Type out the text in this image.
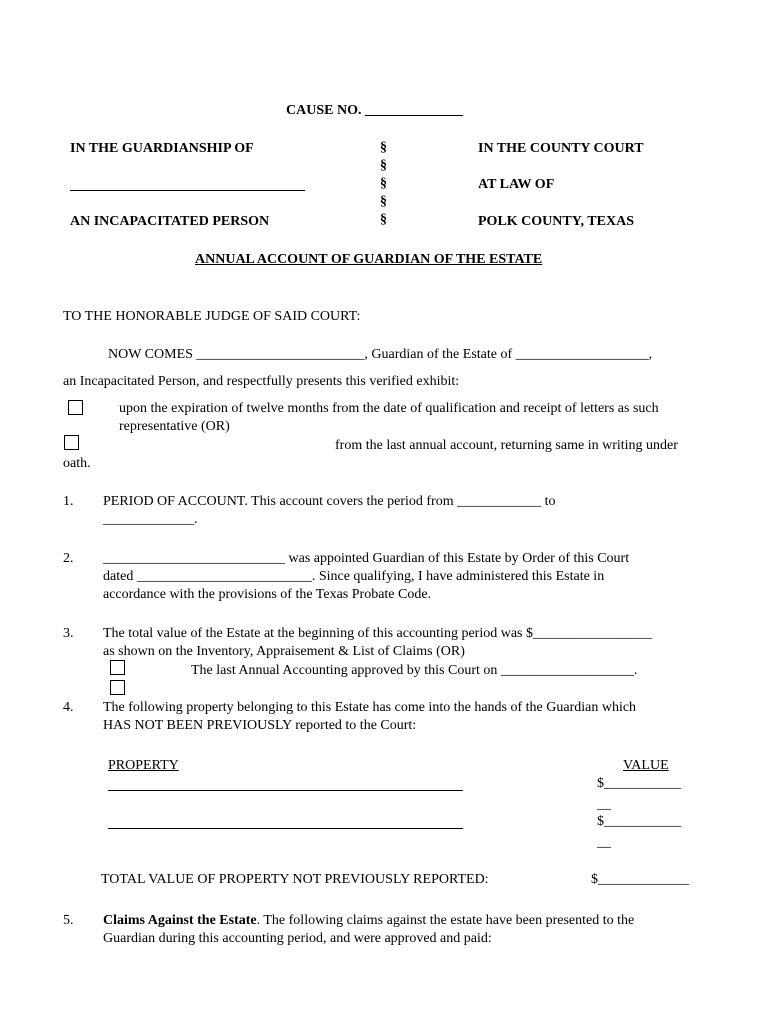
CAUSE NO. ______________
IN THE GUARDIANSHIP OF
AN INCAPACITATED PERSON
§
§
§
§
§
IN THE COUNTY COURT
AT LAW OF
POLK COUNTY, TEXAS
ANNUAL ACCOUNT OF GUARDIAN OF THE ESTATE
TO THE HONORABLE JUDGE OF SAID COURT:
NOW COMES ________________________, Guardian of the Estate of ___________________,
an Incapacitated Person, and respectfully presents this verified exhibit:
upon the expiration of twelve months from the date of qualification and receipt of letters as such
representative (OR)
from the last annual account, returning same in writing under
oath.
1. PERIOD OF ACCOUNT. This account covers the period from ____________ to
_____________.
2. __________________________ was appointed Guardian of this Estate by Order of this Court
dated _________________________. Since qualifying, I have administered this Estate in
accordance with the provisions of the Texas Probate Code.
3. The total value of the Estate at the beginning of this accounting period was $_________________
as shown on the Inventory, Appraisement & List of Claims (OR)
The last Annual Accounting approved by this Court on ___________________.
4. The following property belonging to this Estate has come into the hands of the Guardian which
HAS NOT BEEN PREVIOUSLY reported to the Court:
PROPERTY	VALUE
$___________
__
$___________
__
TOTAL VALUE OF PROPERTY NOT PREVIOUSLY REPORTED:	$_____________
5. Claims Against the Estate. The following claims against the estate have been presented to the
Guardian during this accounting period, and were approved and paid:
